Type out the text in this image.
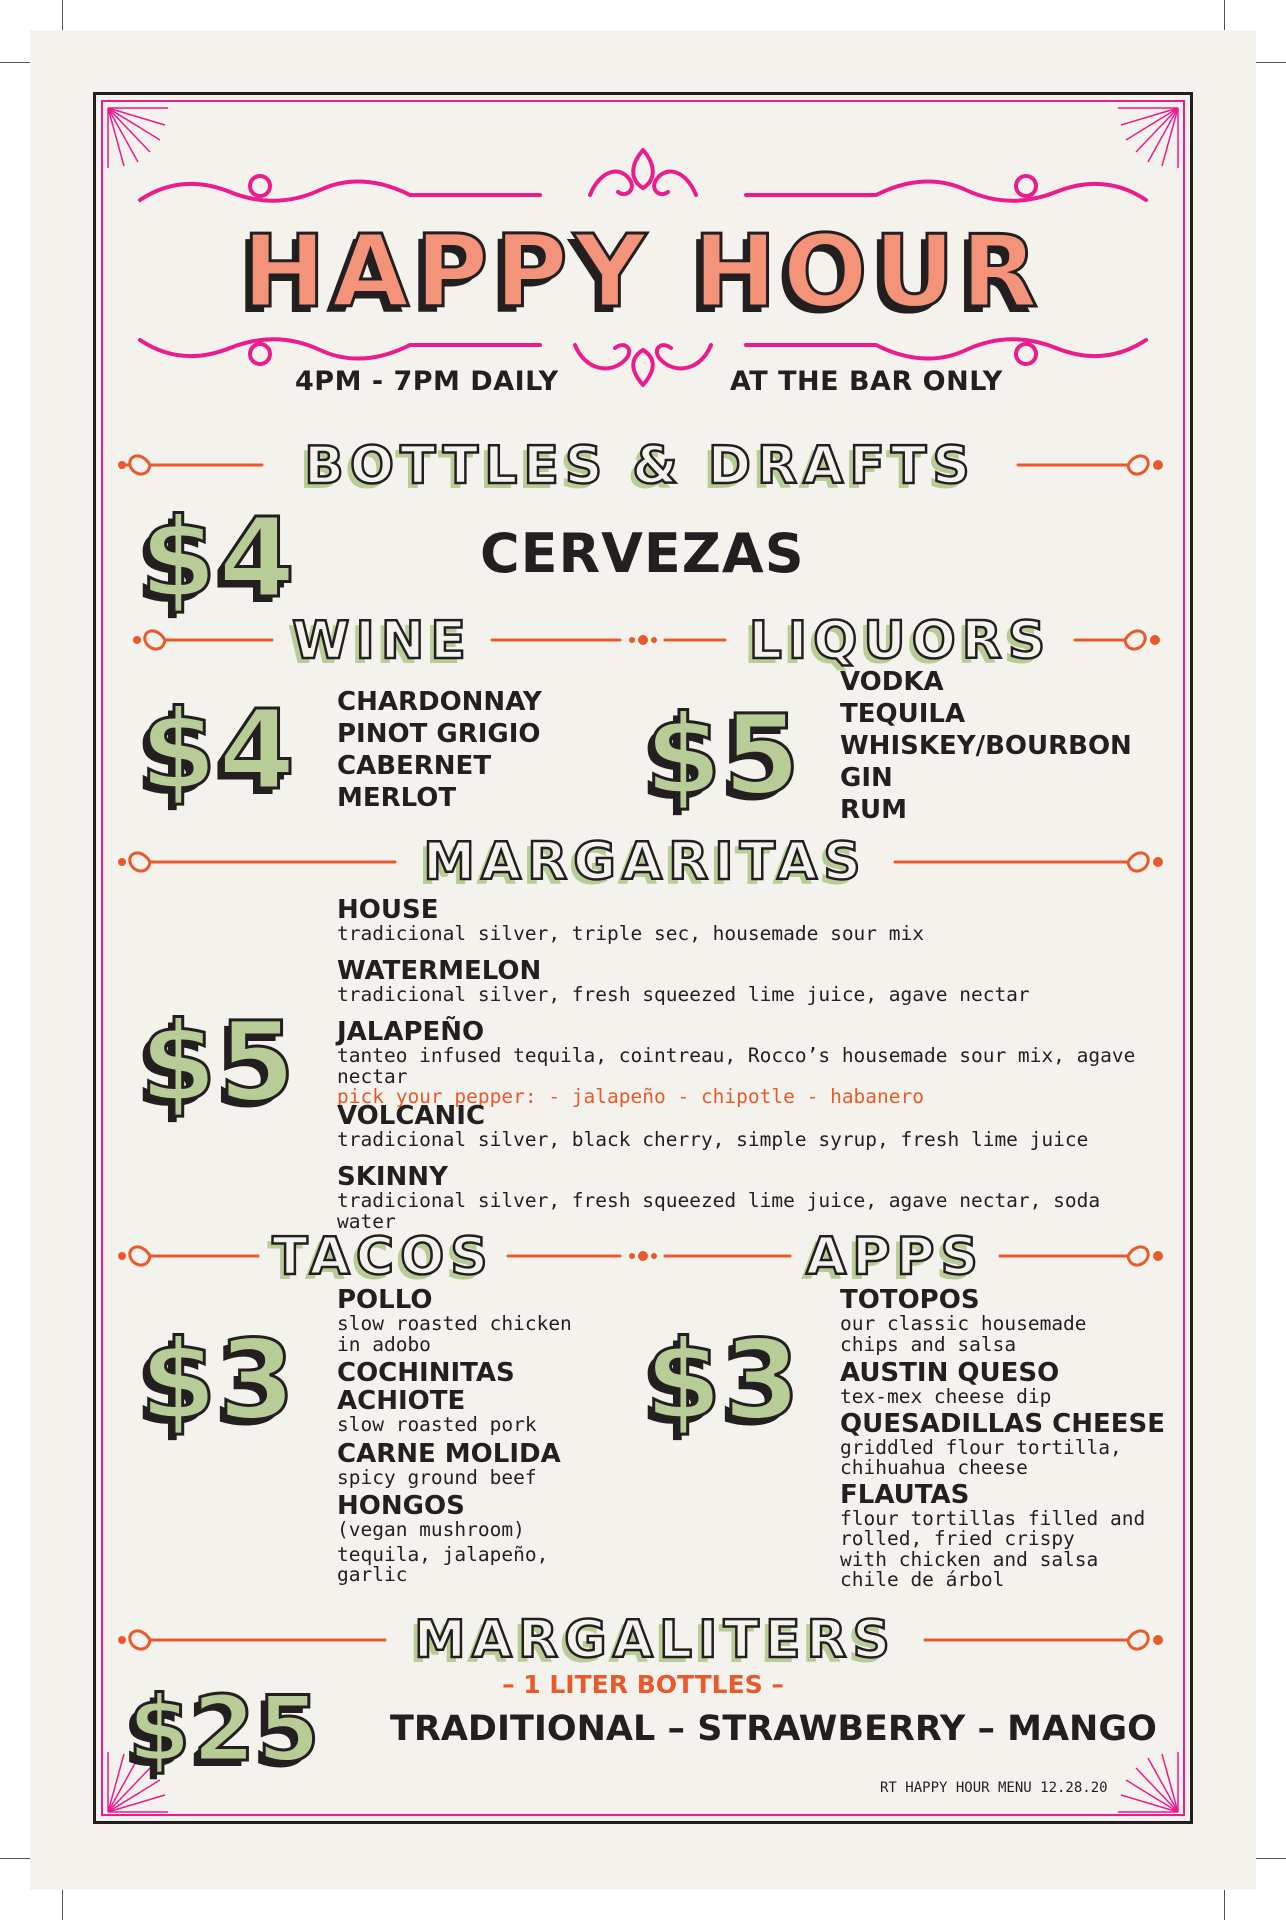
HAPPY HOUR
4PM - 7PM DAILY	AT THE BAR ONLY
BOTTLES & DRAFTS
$4	CERVEZAS
WINE
$4 CHARDONNAY
PINOT GRIGIO
CABERNET
MERLOT
LIQUORS
$5
VODKA
TEQUILA
WHISKEY/BOURBON
GIN
RUM
MARGARITAS
$5
HOUSE
tradicional silver, triple sec, housemade sour mix
WATERMELON
tradicional silver, fresh squeezed lime juice, agave nectar
JALAPEÑO
tanteo infused tequila, cointreau, Rocco’s housemade sour mix, agave nectar
pick your pepper: - jalapeño - chipotle - habanero
VOLCANIC
tradicional silver, black cherry, simple syrup, fresh lime juice
SKINNY
tradicional silver, fresh squeezed lime juice, agave nectar, soda water
TACOS
$3
POLLO
slow roasted chicken
in adobo
COCHINITAS ACHIOTE
slow roasted pork
CARNE MOLIDA
spicy ground beef
HONGOS
(vegan mushroom)
tequila, jalapeño,
garlic
APPS
$3
TOTOPOS
our classic housemade
chips and salsa
AUSTIN QUESO
tex-mex cheese dip
QUESADILLAS CHEESE
griddled flour tortilla,
chihuahua cheese
FLAUTAS
flour tortillas filled and
rolled, fried crispy
with chicken and salsa
chile de árbol
MARGALITERS
– 1 LITER BOTTLES –
$25 TRADITIONAL – STRAWBERRY – MANGO
RT HAPPY HOUR MENU 12.28.20
